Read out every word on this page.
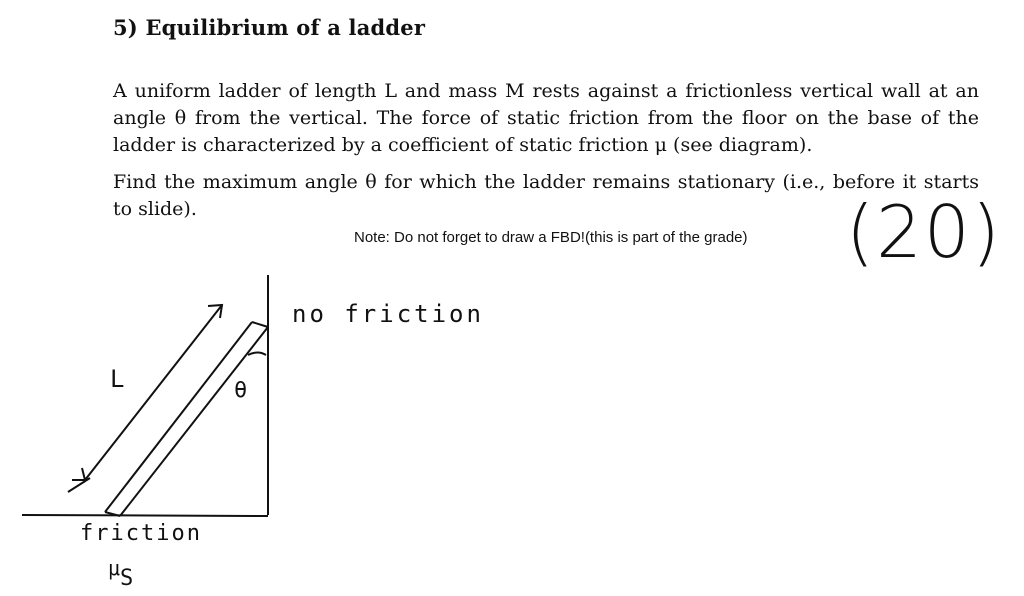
5) Equilibrium of a ladder
A uniform ladder of length L and mass M rests against a frictionless vertical wall at an angle θ from the vertical. The force of static friction from the floor on the base of the ladder is characterized by a coefficient of static friction μ (see diagram).
Find the maximum angle θ for which the ladder remains stationary (i.e., before it starts to slide).
Note: Do not forget to draw a FBD!(this is part of the grade) (20)
L	θ
no friction
friction
$\mu_S$
